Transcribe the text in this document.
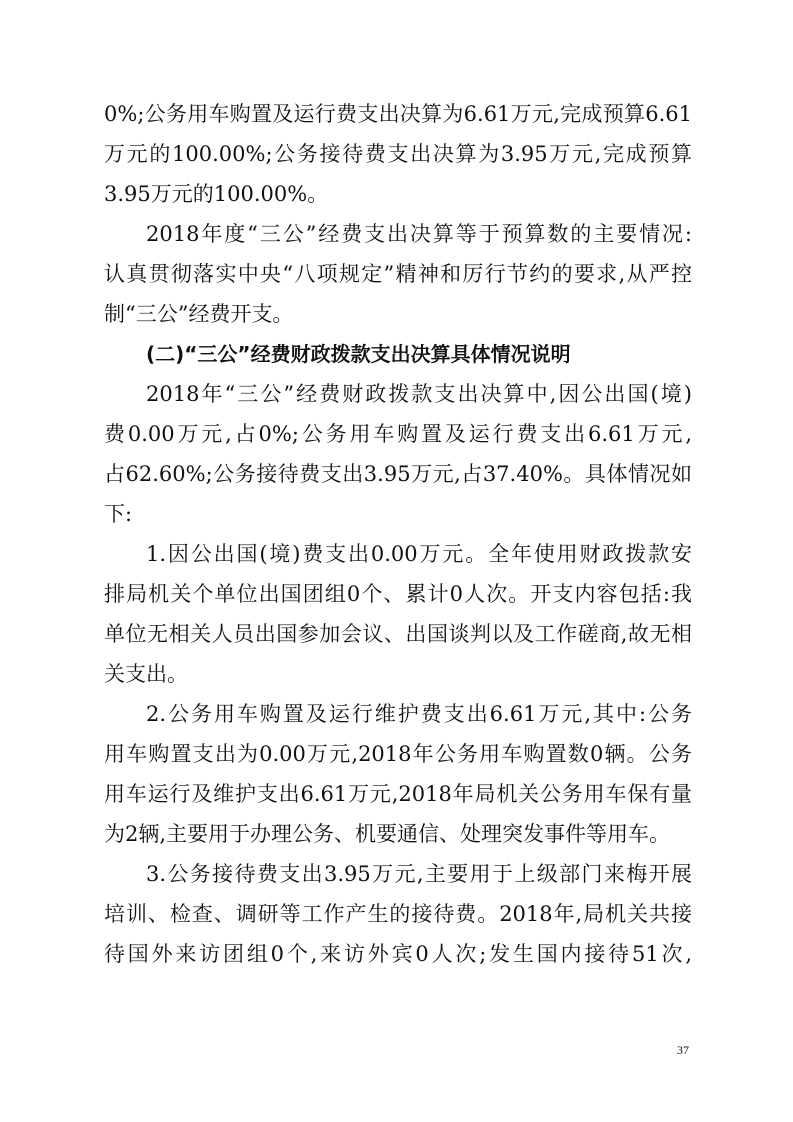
0%;公务用车购置及运行费支出决算为6.61万元,完成预算6.61
万元的100.00%;公务接待费支出决算为3.95万元,完成预算
3.95万元的100.00%。
2018年度“三公”经费支出决算等于预算数的主要情况:
认真贯彻落实中央“八项规定”精神和厉行节约的要求,从严控
制“三公”经费开支。
(二)“三公”经费财政拨款支出决算具体情况说明
2018年“三公”经费财政拨款支出决算中,因公出国(境)
费0.00万元,占0%;公务用车购置及运行费支出6.61万元,
占62.60%;公务接待费支出3.95万元,占37.40%。具体情况如
下:
1.因公出国(境)费支出0.00万元。全年使用财政拨款安
排局机关个单位出国团组0个、累计0人次。开支内容包括:我
单位无相关人员出国参加会议、出国谈判以及工作磋商,故无相
关支出。
2.公务用车购置及运行维护费支出6.61万元,其中:公务
用车购置支出为0.00万元,2018年公务用车购置数0辆。公务
用车运行及维护支出6.61万元,2018年局机关公务用车保有量
为2辆,主要用于办理公务、机要通信、处理突发事件等用车。
3.公务接待费支出3.95万元,主要用于上级部门来梅开展
培训、检查、调研等工作产生的接待费。2018年,局机关共接
待国外来访团组0个,来访外宾0人次;发生国内接待51次,
37
